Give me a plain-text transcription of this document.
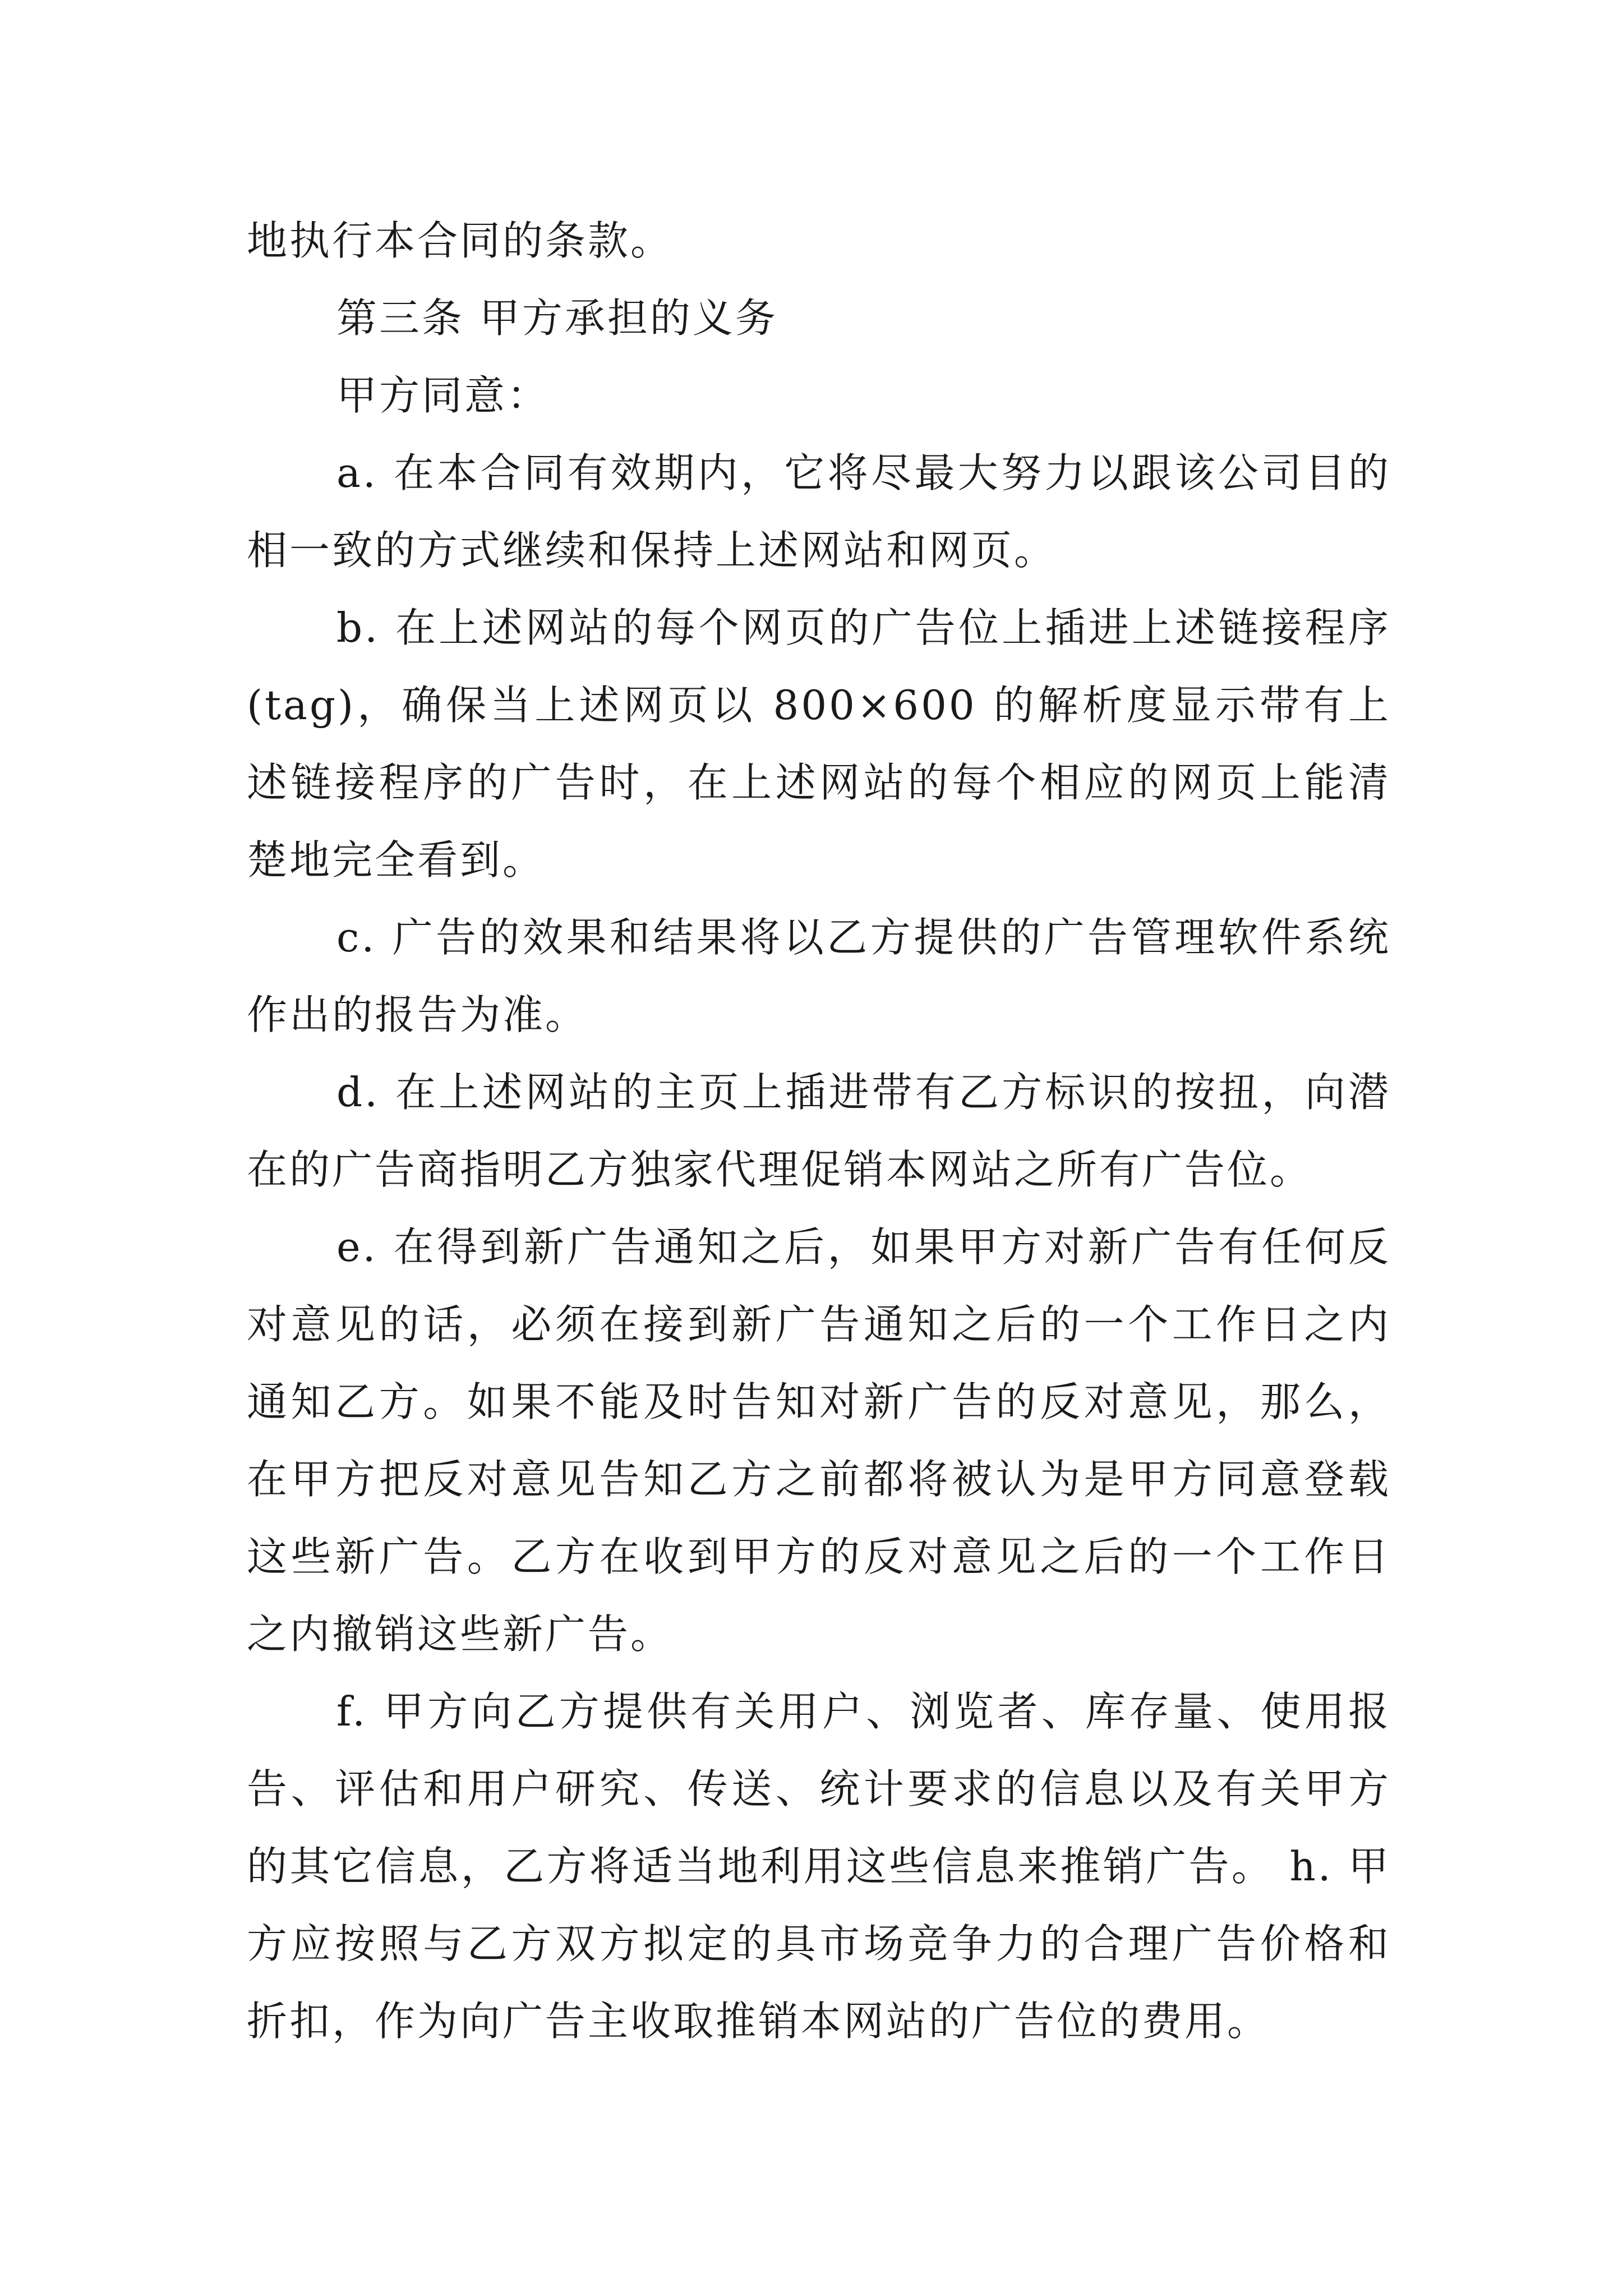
地执行本合同的条款。

第三条 甲方承担的义务

甲方同意：

a. 在本合同有效期内，它将尽最大努力以跟该公司目的相一致的方式继续和保持上述网站和网页。

b. 在上述网站的每个网页的广告位上插进上述链接程序(tag)，确保当上述网页以 800×600 的解析度显示带有上述链接程序的广告时，在上述网站的每个相应的网页上能清楚地完全看到。

c. 广告的效果和结果将以乙方提供的广告管理软件系统作出的报告为准。

d. 在上述网站的主页上插进带有乙方标识的按扭，向潜在的广告商指明乙方独家代理促销本网站之所有广告位。

e. 在得到新广告通知之后，如果甲方对新广告有任何反对意见的话，必须在接到新广告通知之后的一个工作日之内通知乙方。如果不能及时告知对新广告的反对意见，那么，在甲方把反对意见告知乙方之前都将被认为是甲方同意登载这些新广告。乙方在收到甲方的反对意见之后的一个工作日之内撤销这些新广告。

f. 甲方向乙方提供有关用户、浏览者、库存量、使用报告、评估和用户研究、传送、统计要求的信息以及有关甲方的其它信息，乙方将适当地利用这些信息来推销广告。 h. 甲方应按照与乙方双方拟定的具市场竞争力的合理广告价格和折扣，作为向广告主收取推销本网站的广告位的费用。
